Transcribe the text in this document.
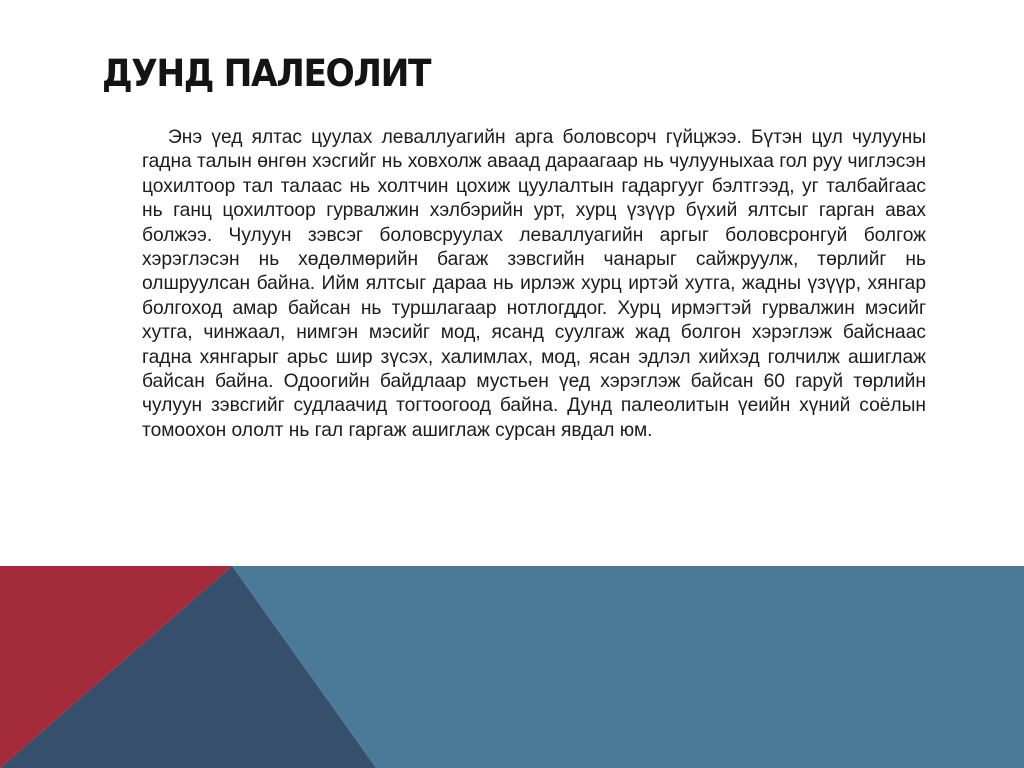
ДУНД ПАЛЕОЛИТ

Энэ үед ялтас цуулах леваллуагийн арга боловсорч гүйцжээ. Бүтэн цул чулууны гадна талын өнгөн хэсгийг нь ховхолж аваад дараагаар нь чулууныхаа гол руу чиглэсэн цохилтоор тал талаас нь холтчин цохиж цуулалтын гадаргууг бэлтгээд, уг талбайгаас нь ганц цохилтоор гурвалжин хэлбэрийн урт, хурц үзүүр бүхий ялтсыг гарган авах болжээ. Чулуун зэвсэг боловсруулах леваллуагийн аргыг боловсронгуй болгож хэрэглэсэн нь хөдөлмөрийн багаж зэвсгийн чанарыг сайжруулж, төрлийг нь олшруулсан байна. Ийм ялтсыг дараа нь ирлэж хурц иртэй хутга, жадны үзүүр, хянгар болгоход амар байсан нь туршлагаар нотлогддог. Хурц ирмэгтэй гурвалжин мэсийг хутга, чинжаал, нимгэн мэсийг мод, ясанд суулгаж жад болгон хэрэглэж байснаас гадна хянгарыг арьс шир зүсэх, халимлах, мод, ясан эдлэл хийхэд голчилж ашиглаж байсан байна. Одоогийн байдлаар мустьен үед хэрэглэж байсан 60 гаруй төрлийн чулуун зэвсгийг судлаачид тогтоогоод байна. Дунд палеолитын үеийн хүний соёлын томоохон ололт нь гал гаргаж ашиглаж сурсан явдал юм.
